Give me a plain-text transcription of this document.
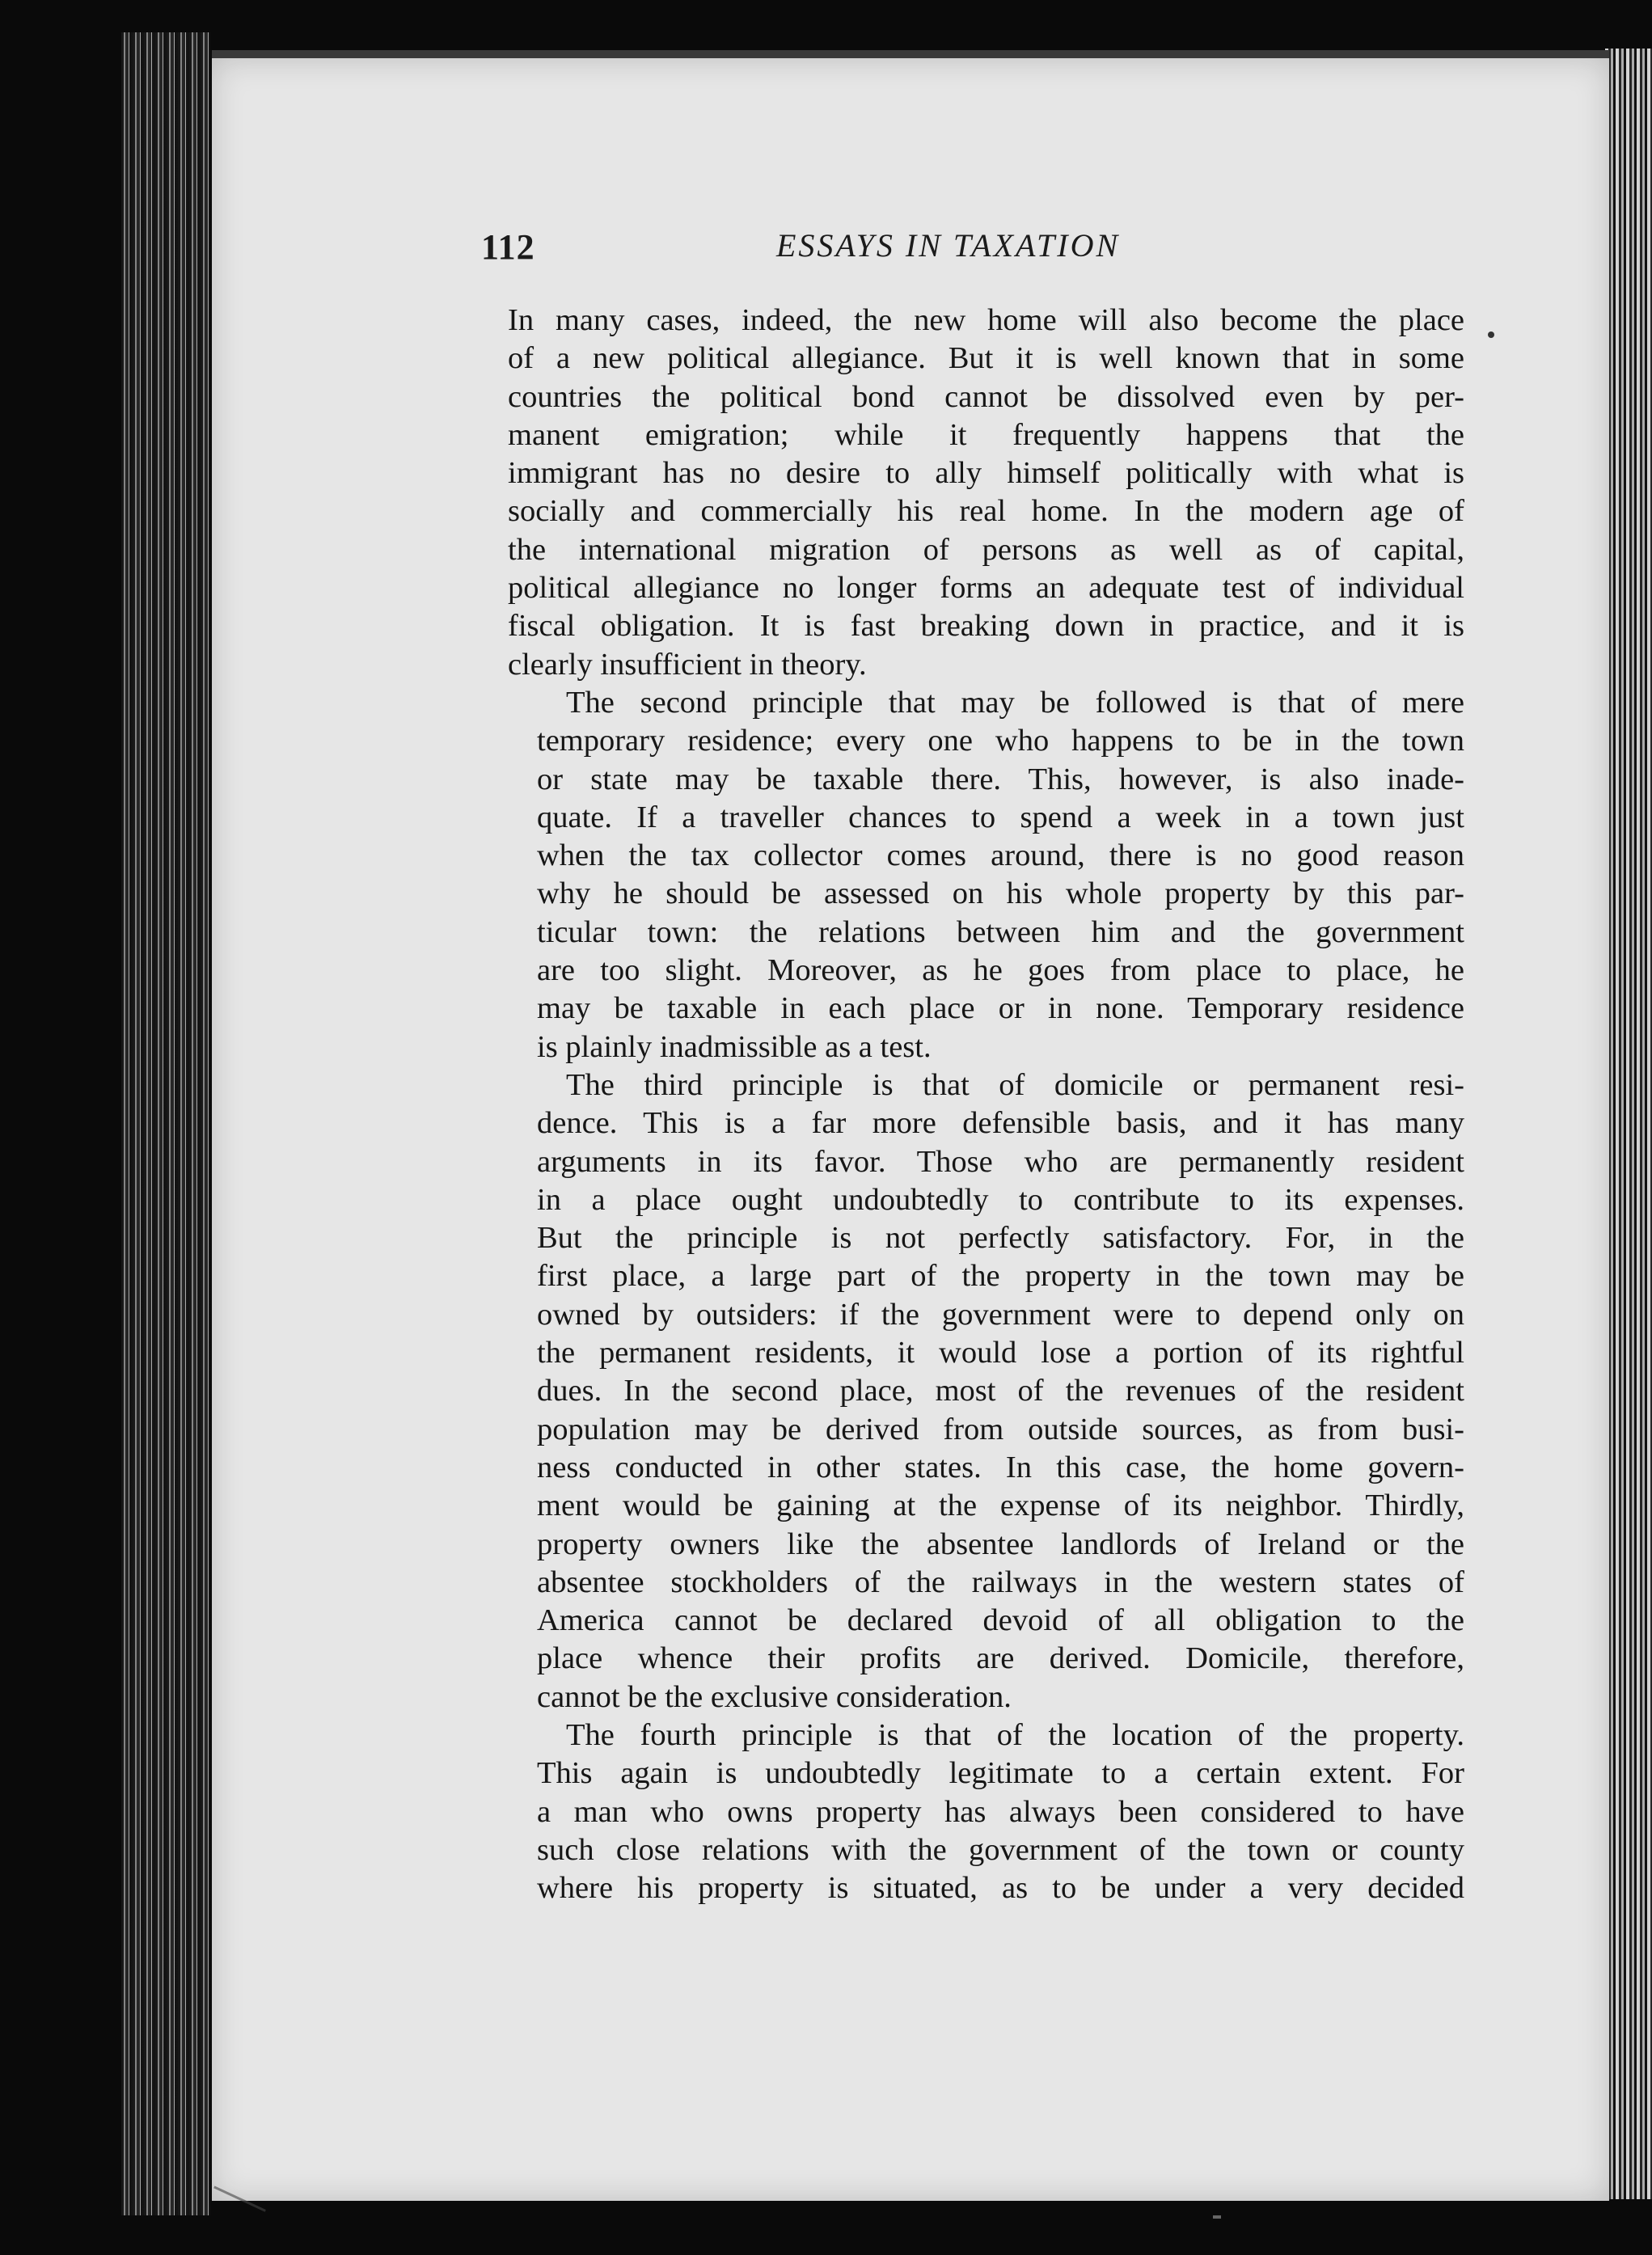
112	ESSAYS IN TAXATION

In many cases, indeed, the new home will also become the place
of a new political allegiance. But it is well known that in some
countries the political bond cannot be dissolved even by per-
manent emigration; while it frequently happens that the
immigrant has no desire to ally himself politically with what is
socially and commercially his real home. In the modern age of
the international migration of persons as well as of capital,
political allegiance no longer forms an adequate test of individual
fiscal obligation. It is fast breaking down in practice, and it is
clearly insufficient in theory.

The second principle that may be followed is that of mere
temporary residence; every one who happens to be in the town
or state may be taxable there. This, however, is also inade-
quate. If a traveller chances to spend a week in a town just
when the tax collector comes around, there is no good reason
why he should be assessed on his whole property by this par-
ticular town: the relations between him and the government
are too slight. Moreover, as he goes from place to place, he
may be taxable in each place or in none. Temporary residence
is plainly inadmissible as a test.

The third principle is that of domicile or permanent resi-
dence. This is a far more defensible basis, and it has many
arguments in its favor. Those who are permanently resident
in a place ought undoubtedly to contribute to its expenses.
But the principle is not perfectly satisfactory. For, in the
first place, a large part of the property in the town may be
owned by outsiders: if the government were to depend only on
the permanent residents, it would lose a portion of its rightful
dues. In the second place, most of the revenues of the resident
population may be derived from outside sources, as from busi-
ness conducted in other states. In this case, the home govern-
ment would be gaining at the expense of its neighbor. Thirdly,
property owners like the absentee landlords of Ireland or the
absentee stockholders of the railways in the western states of
America cannot be declared devoid of all obligation to the
place whence their profits are derived. Domicile, therefore,
cannot be the exclusive consideration.

The fourth principle is that of the location of the property.
This again is undoubtedly legitimate to a certain extent. For
a man who owns property has always been considered to have
such close relations with the government of the town or county
where his property is situated, as to be under a very decided
